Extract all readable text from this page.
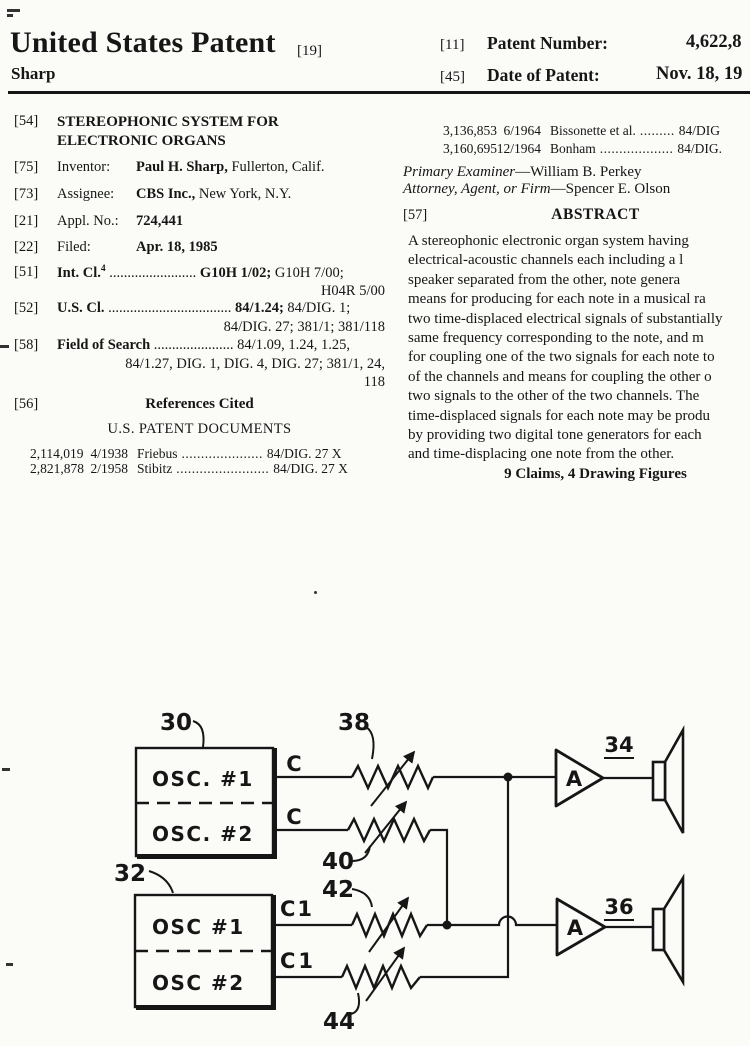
United States Patent [19]
Sharp
[11] Patent Number:	4,622,8
[45] Date of Patent:	Nov. 18, 19
[54] STEREOPHONIC SYSTEM FOR
ELECTRONIC ORGANS
[75] Inventor: Paul H. Sharp, Fullerton, Calif.
[73] Assignee: CBS Inc., New York, N.Y.
[21] Appl. No.: 724,441
[22] Filed:	Apr. 18, 1985
[51] Int. Cl.$^4$ ........................ G10H 1/02; G10H 7/00;
H04R 5/00
[52] U.S. Cl. .................................. 84/1.24; 84/DIG. 1;
84/DIG. 27; 381/1; 381/118
[58] Field of Search ...................... 84/1.09, 1.24, 1.25,
84/1.27, DIG. 1, DIG. 4, DIG. 27; 381/1, 24,
118
[56]	References Cited
U.S. PATENT DOCUMENTS
2,114,019 4/1938 Friebus ..................... 84/DIG. 27 X
2,821,878 2/1958 Stibitz ........................ 84/DIG. 27 X
3,136,853 6/1964 Bissonette et al. ......... 84/DIG
3,160,69512/1964 Bonham ................... 84/DIG.
Primary Examiner—William B. Perkey
Attorney, Agent, or Firm—Spencer E. Olson
[57]	ABSTRACT
A stereophonic electronic organ system having
electrical-acoustic channels each including a l
speaker separated from the other, note genera
means for producing for each note in a musical ra
two time-displaced electrical signals of substantially
same frequency corresponding to the note, and m
for coupling one of the two signals for each note to
of the channels and means for coupling the other o
two signals to the other of the two channels. The
time-displaced signals for each note may be produ
by providing two digital tone generators for each
and time-displacing one note from the other.
9 Claims, 4 Drawing Figures
OSC. #1
OSC. #2
OSC #1
OSC #2
A
A
30
32
38
40
42
44
34
36
C
C
C1
C1
